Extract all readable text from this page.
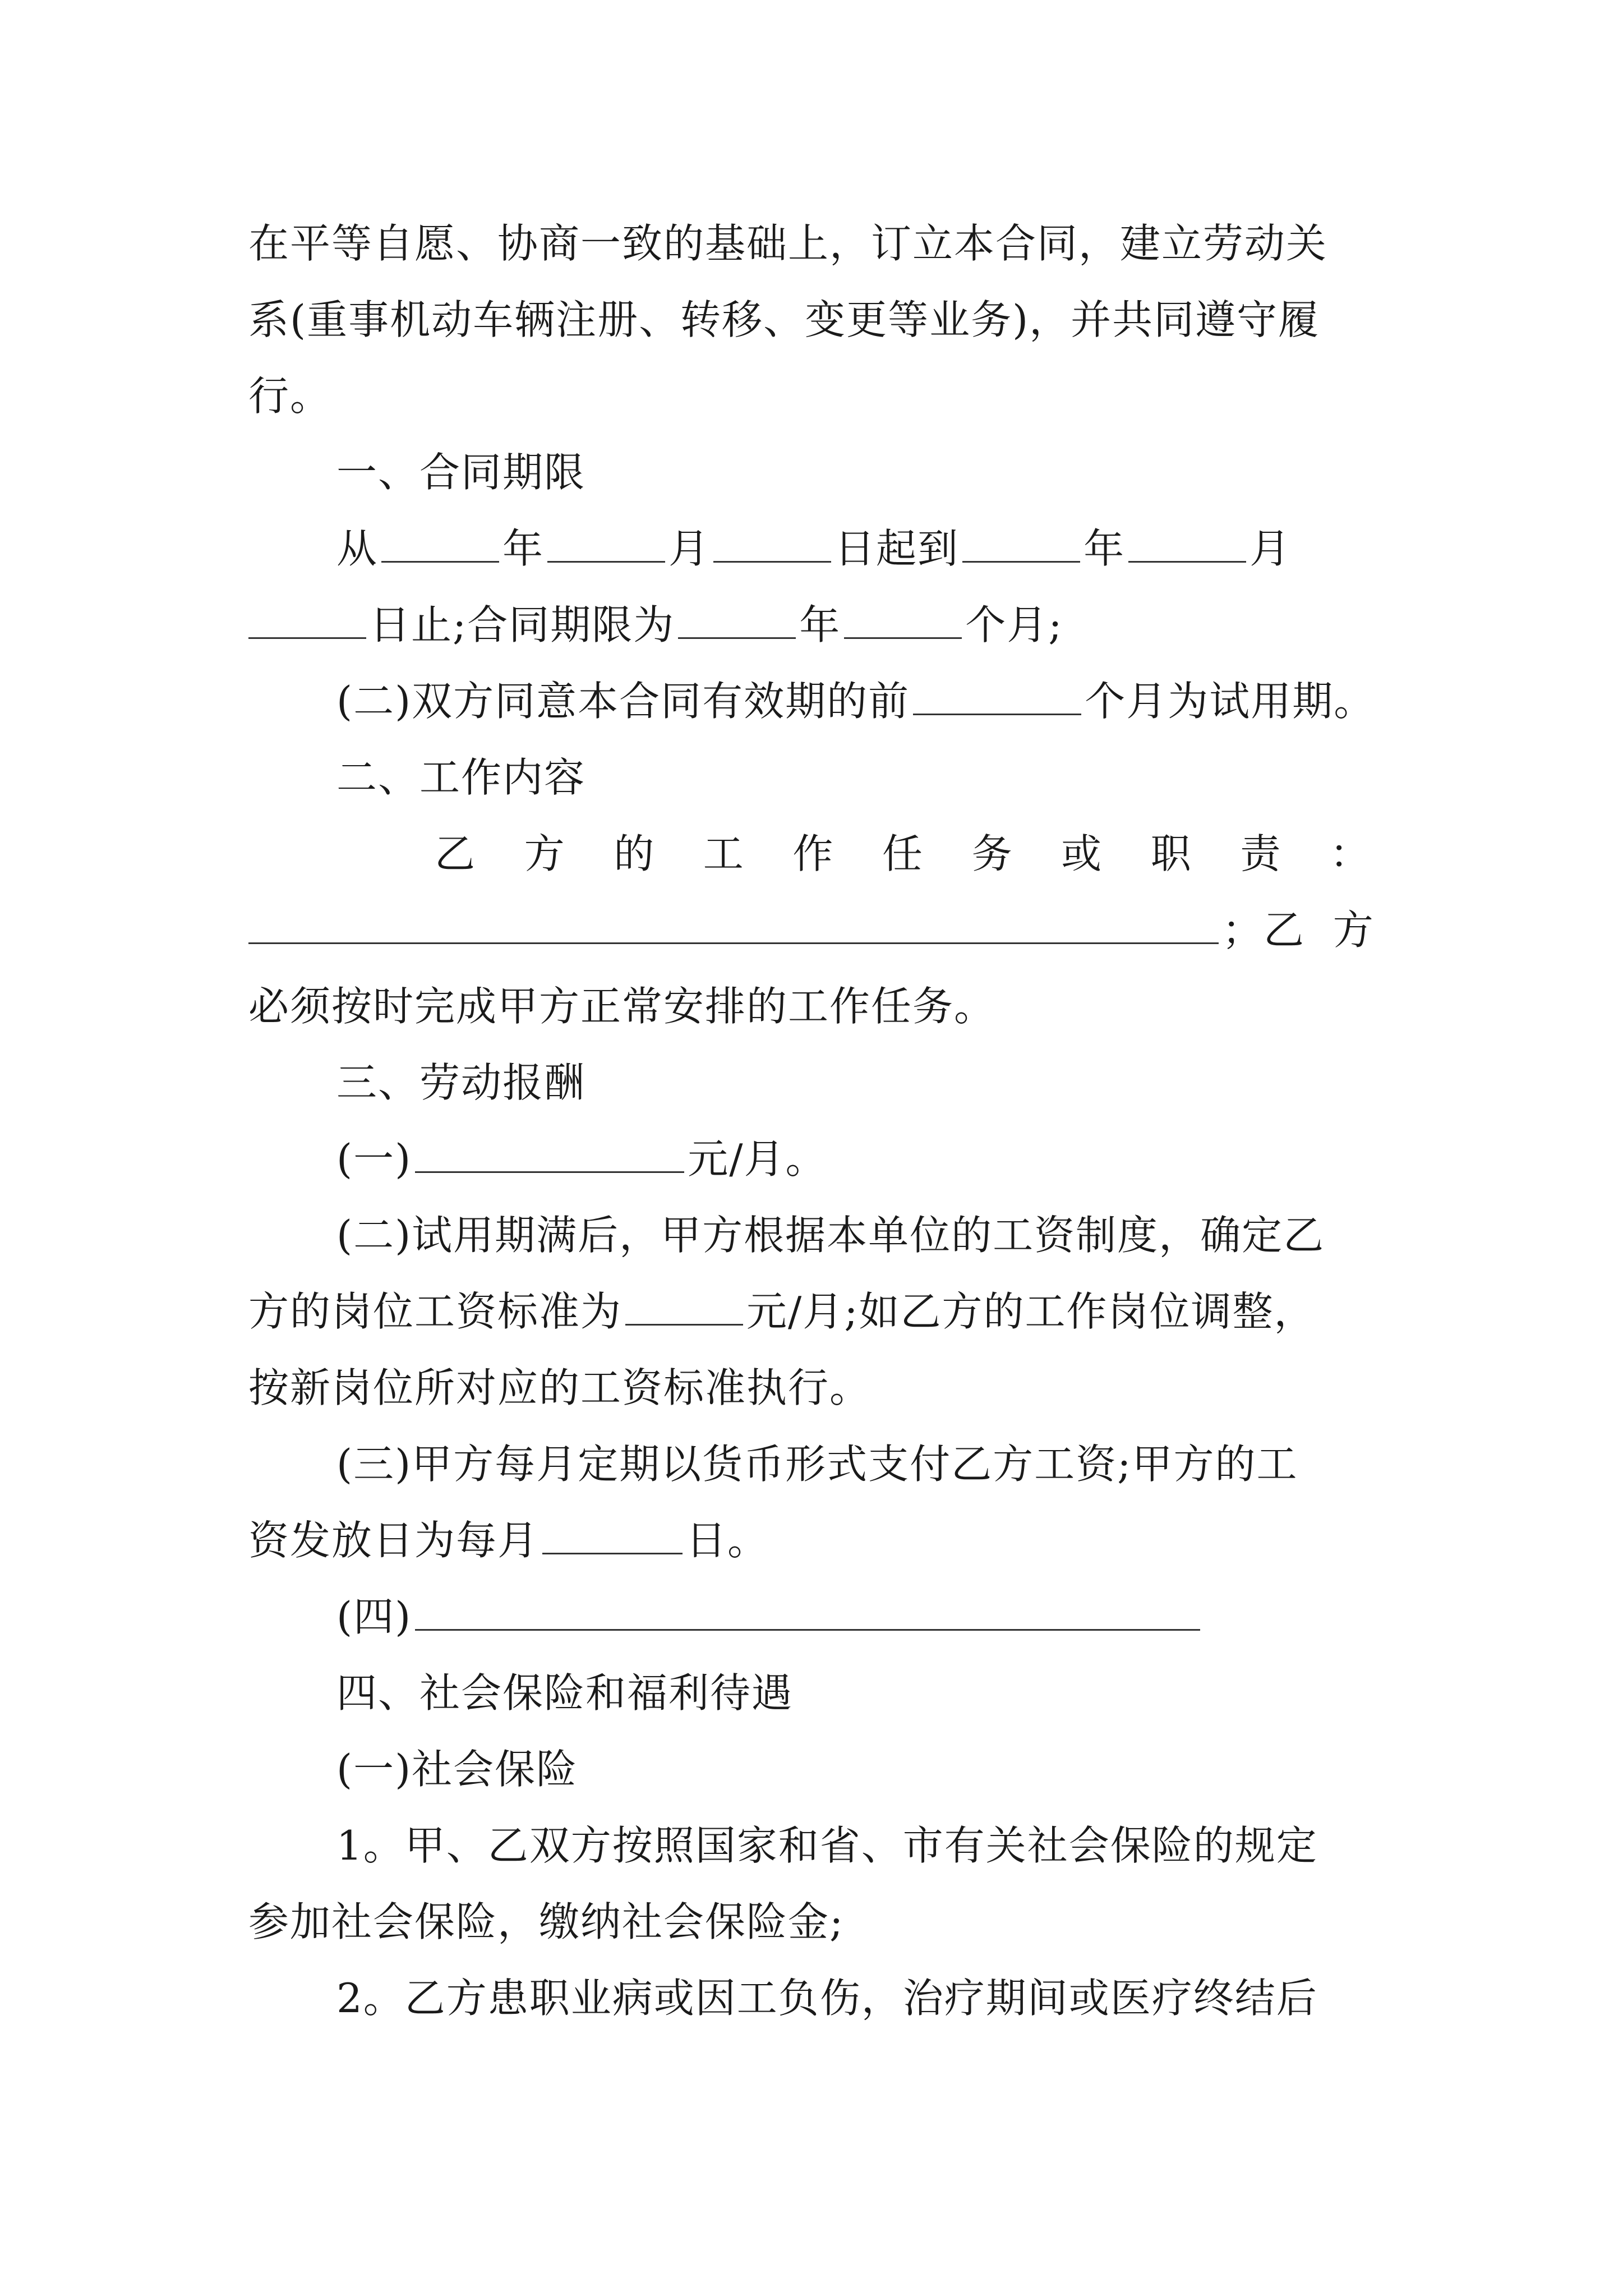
在平等自愿、协商一致的基础上，订立本合同，建立劳动关
系(重事机动车辆注册、转移、变更等业务)，并共同遵守履
行。
一、合同期限
从	年	月	日起到	年	月
日止;合同期限为	年	个月;
(二)双方同意本合同有效期的前	个月为试用期。
二、工作内容
乙 方 的 工 作 任 务 或 职 责 ：
；乙  方
必须按时完成甲方正常安排的工作任务。
三、劳动报酬
(一)	元/月。
(二)试用期满后，甲方根据本单位的工资制度，确定乙
方的岗位工资标准为	元/月;如乙方的工作岗位调整，
按新岗位所对应的工资标准执行。
(三)甲方每月定期以货币形式支付乙方工资;甲方的工
资发放日为每月	日。
(四)
四、社会保险和福利待遇
(一)社会保险
1。甲、乙双方按照国家和省、市有关社会保险的规定
参加社会保险，缴纳社会保险金;
2。乙方患职业病或因工负伤，治疗期间或医疗终结后
